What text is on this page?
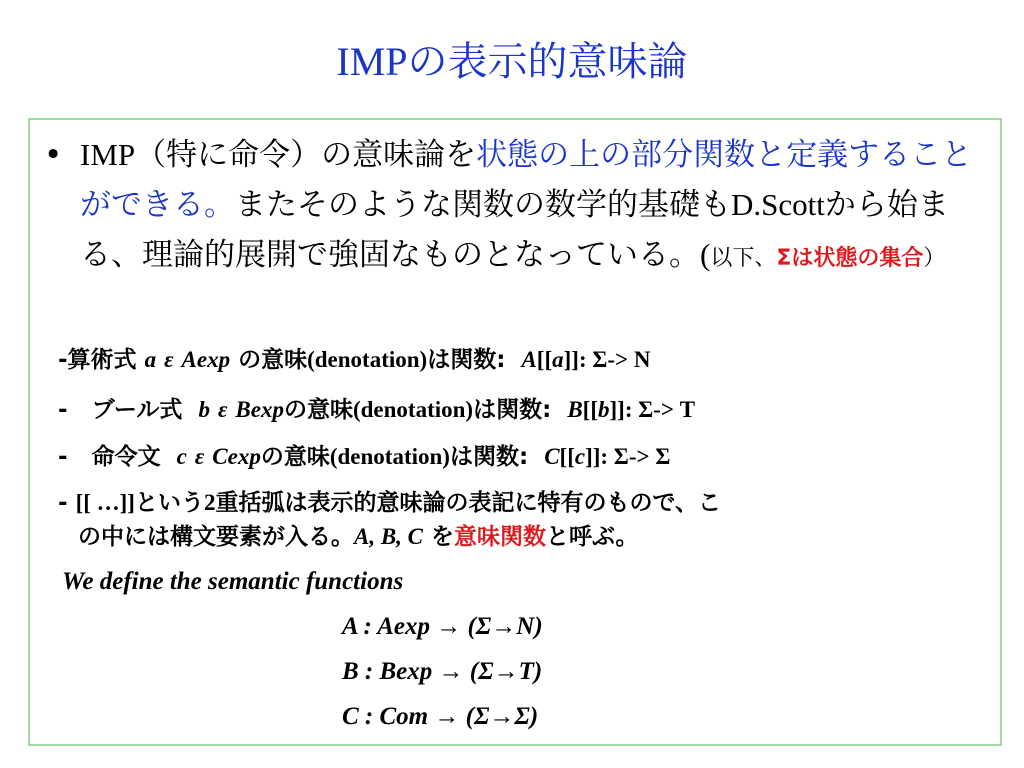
IMPの表示的意味論
• IMP（特に命令）の意味論を状態の上の部分関数と定義することができる。またそのような関数の数学的基礎もD.Scottから始まる、理論的展開で強固なものとなっている。(以下、Σは状態の集合）
-算術式 a ε Aexp の意味(denotation)は関数: A[[a]]: Σ-> N
- ブール式 b ε Bexpの意味(denotation)は関数: B[[b]]: Σ-> T
- 命令文 c ε Cexpの意味(denotation)は関数: C[[c]]: Σ-> Σ
- [[ …]]という2重括弧は表示的意味論の表記に特有のもので、こ
の中には構文要素が入る。A, B, C を意味関数と呼ぶ。
We define the semantic functions
A : Aexp → (Σ→N)
B : Bexp → (Σ→T)
C : Com → (Σ→Σ)
